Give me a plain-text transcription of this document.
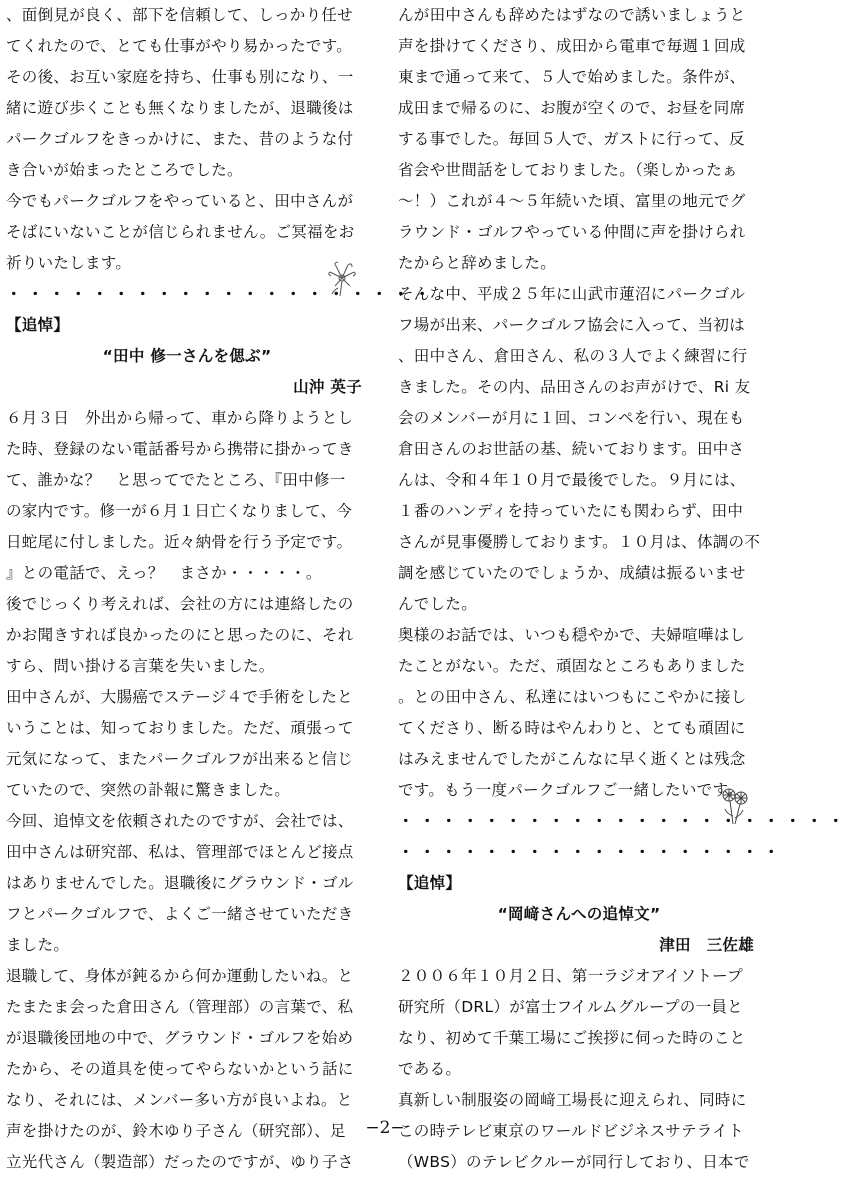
、面倒見が良く、部下を信頼して、しっかり任せ
てくれたので、とても仕事がやり易かったです。
その後、お互い家庭を持ち、仕事も別になり、一
緒に遊び歩くことも無くなりましたが、退職後は
パークゴルフをきっかけに、また、昔のような付
き合いが始まったところでした。
今でもパークゴルフをやっていると、田中さんが
そばにいないことが信じられません。ご冥福をお
祈りいたします。
・・・・・・・・・・・・・・・・・・・・
【追悼】
“田中 修一さんを偲ぶ”
山沖 英子
６月３日　外出から帰って、車から降りようとし
た時、登録のない電話番号から携帯に掛かってき
て、誰かな？　と思ってでたところ、『田中修一
の家内です。修一が６月１日亡くなりまして、今
日蛇尾に付しました。近々納骨を行う予定です。
』との電話で、えっ？　まさか・・・・・。
後でじっくり考えれば、会社の方には連絡したの
かお聞きすれば良かったのにと思ったのに、それ
すら、問い掛ける言葉を失いました。
田中さんが、大腸癌でステージ４で手術をしたと
いうことは、知っておりました。ただ、頑張って
元気になって、またパークゴルフが出来ると信じ
ていたので、突然の訃報に驚きました。
今回、追悼文を依頼されたのですが、会社では、
田中さんは研究部、私は、管理部でほとんど接点
はありませんでした。退職後にグラウンド・ゴル
フとパークゴルフで、よくご一緒させていただき
ました。
退職して、身体が鈍るから何か運動したいね。と
たまたま会った倉田さん（管理部）の言葉で、私
が退職後団地の中で、グラウンド・ゴルフを始め
たから、その道具を使ってやらないかという話に
なり、それには、メンバー多い方が良いよね。と
声を掛けたのが、鈴木ゆり子さん（研究部）、足
立光代さん（製造部）だったのですが、ゆり子さ
んが田中さんも辞めたはずなので誘いましょうと
声を掛けてくださり、成田から電車で毎週１回成
東まで通って来て、５人で始めました。条件が、
成田まで帰るのに、お腹が空くので、お昼を同席
する事でした。毎回５人で、ガストに行って、反
省会や世間話をしておりました。（楽しかったぁ
～！）これが４～５年続いた頃、富里の地元でグ
ラウンド・ゴルフやっている仲間に声を掛けられ
たからと辞めました。
そんな中、平成２５年に山武市蓮沼にパークゴル
フ場が出来、パークゴルフ協会に入って、当初は
、田中さん、倉田さん、私の３人でよく練習に行
きました。その内、品田さんのお声がけで、Ri 友
会のメンバーが月に１回、コンペを行い、現在も
倉田さんのお世話の基、続いております。田中さ
んは、令和４年１０月で最後でした。９月には、
１番のハンディを持っていたにも関わらず、田中
さんが見事優勝しております。１０月は、体調の不
調を感じていたのでしょうか、成績は振るいませ
んでした。
奥様のお話では、いつも穏やかで、夫婦喧嘩はし
たことがない。ただ、頑固なところもありました
。との田中さん、私達にはいつもにこやかに接し
てくださり、断る時はやんわりと、とても頑固に
はみえませんでしたがこんなに早く逝くとは残念
です。もう一度パークゴルフご一緒したいです。
・・・・・・・・・・・・・・・・・・・・・
・・・・・・・・・・・・・・・・・・
【追悼】
“岡﨑さんへの追悼文”
津田　三佐雄
２００６年１０月２日、第一ラジオアイソトープ
研究所（DRL）が富士フイルムグループの一員と
なり、初めて千葉工場にご挨拶に伺った時のこと
である。
真新しい制服姿の岡﨑工場長に迎えられ、同時に
この時テレビ東京のワールドビジネスサテライト
（WBS）のテレビクルーが同行しており、日本で
−2−
